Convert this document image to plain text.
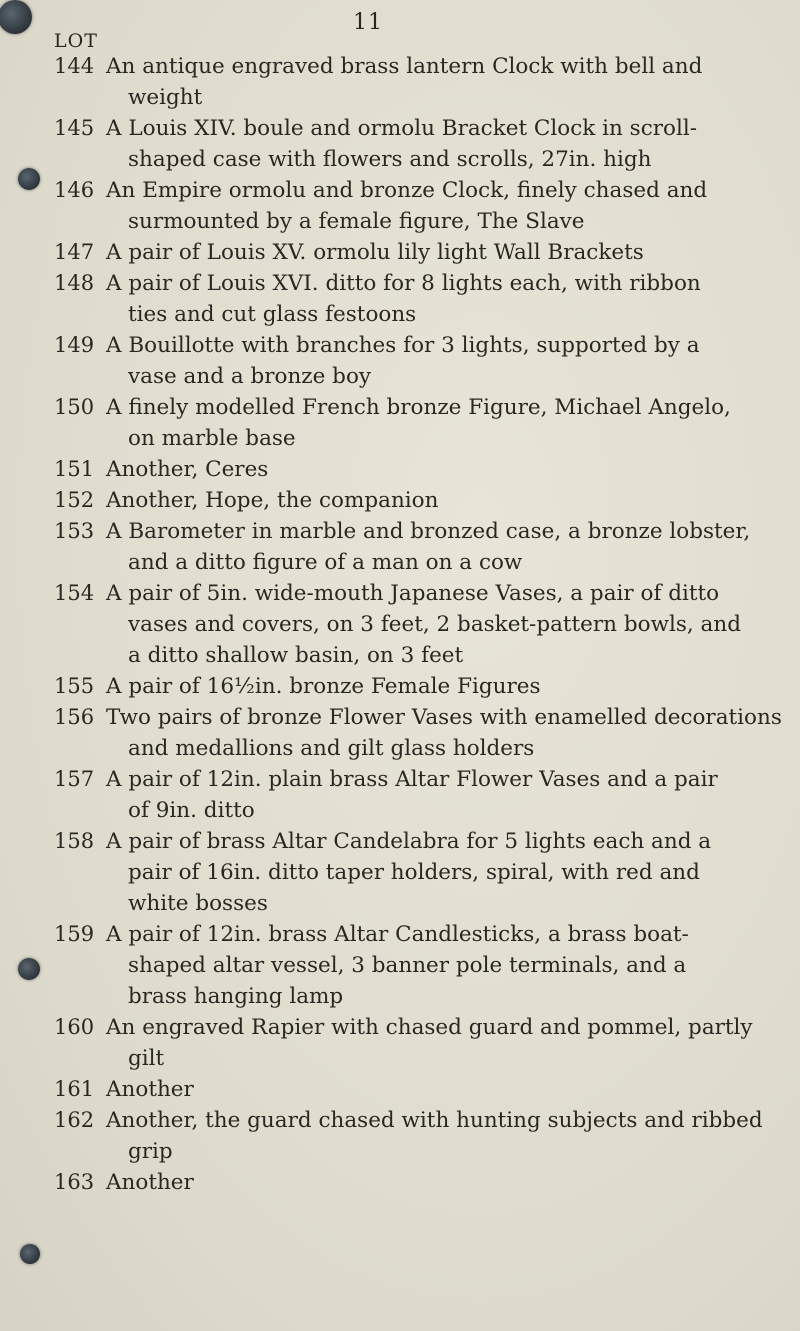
11
LOT
144 An antique engraved brass lantern Clock with bell and
weight
145 A Louis XIV. boule and ormolu Bracket Clock in scroll-
shaped case with flowers and scrolls, 27in. high
146 An Empire ormolu and bronze Clock, finely chased and
surmounted by a female figure, The Slave
147 A pair of Louis XV. ormolu lily light Wall Brackets
148 A pair of Louis XVI. ditto for 8 lights each, with ribbon
ties and cut glass festoons
149 A Bouillotte with branches for 3 lights, supported by a
vase and a bronze boy
150 A finely modelled French bronze Figure, Michael Angelo,
on marble base
151 Another, Ceres
152 Another, Hope, the companion
153 A Barometer in marble and bronzed case, a bronze lobster,
and a ditto figure of a man on a cow
154 A pair of 5in. wide-mouth Japanese Vases, a pair of ditto
vases and covers, on 3 feet, 2 basket-pattern bowls, and
a ditto shallow basin, on 3 feet
155 A pair of 16½in. bronze Female Figures
156 Two pairs of bronze Flower Vases with enamelled decorations
and medallions and gilt glass holders
157 A pair of 12in. plain brass Altar Flower Vases and a pair
of 9in. ditto
158 A pair of brass Altar Candelabra for 5 lights each and a
pair of 16in. ditto taper holders, spiral, with red and
white bosses
159 A pair of 12in. brass Altar Candlesticks, a brass boat-
shaped altar vessel, 3 banner pole terminals, and a
brass hanging lamp
160 An engraved Rapier with chased guard and pommel, partly
gilt
161 Another
162 Another, the guard chased with hunting subjects and ribbed
grip
163 Another
